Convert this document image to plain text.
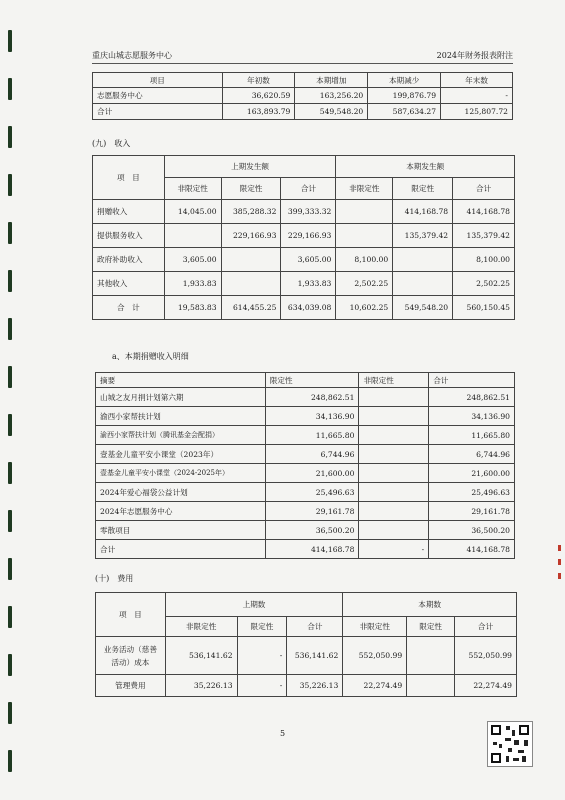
重庆山城志愿服务中心	2024年财务报表附注
项目	年初数	本期增加	本期减少	年末数
志愿服务中心	36,620.59	163,256.20	199,876.79	-
合计	163,893.79	549,548.20	587,634.27	125,807.72
(九)　收入
项　目	上期发生额			本期发生额		
	非限定性	限定性	合计	非限定性	限定性	合计
捐赠收入	14,045.00	385,288.32	399,333.32		414,168.78	414,168.78
提供服务收入		229,166.93	229,166.93		135,379.42	135,379.42
政府补助收入	3,605.00		3,605.00	8,100.00		8,100.00
其他收入	1,933.83		1,933.83	2,502.25		2,502.25
合　计	19,583.83	614,455.25	634,039.08	10,602.25	549,548.20	560,150.45
a、本期捐赠收入明细
摘要	限定性	非限定性	合计
山城之友月捐计划第六期	248,862.51		248,862.51
渝西小家帮扶计划	34,136.90		34,136.90
渝西小家帮扶计划（腾讯基金会配捐）	11,665.80		11,665.80
壹基金儿童平安小课堂（2023年）	6,744.96		6,744.96
壹基金儿童平安小课堂（2024-2025年）	21,600.00		21,600.00
2024年爱心福袋公益计划	25,496.63		25,496.63
2024年志愿服务中心	29,161.78		29,161.78
零散项目	36,500.20		36,500.20
合计	414,168.78	-	414,168.78
(十)　费用
项　目	上期数			本期数		
	非限定性	限定性	合计	非限定性	限定性	合计
业务活动（慈善活动）成本	536,141.62	-	536,141.62	552,050.99		552,050.99
管理费用	35,226.13	-	35,226.13	22,274.49		22,274.49
5
